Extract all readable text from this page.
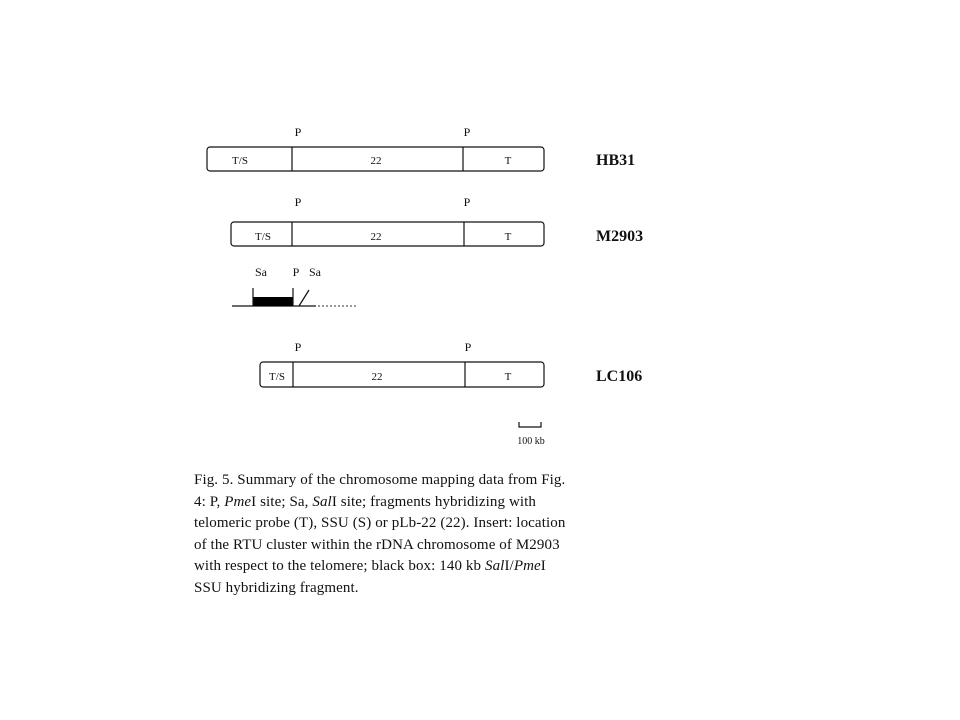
P	P
T/S	22	T	HB31
P	P
T/S	22	T	M2903
Sa P Sa
P	P
T/S	22	T	LC106
100 kb
Fig. 5. Summary of the chromosome mapping data from Fig.
4: P, PmeI site; Sa, SalI site; fragments hybridizing with
telomeric probe (T), SSU (S) or pLb-22 (22). Insert: location
of the RTU cluster within the rDNA chromosome of M2903
with respect to the telomere; black box: 140 kb SalI/PmeI
SSU hybridizing fragment.
